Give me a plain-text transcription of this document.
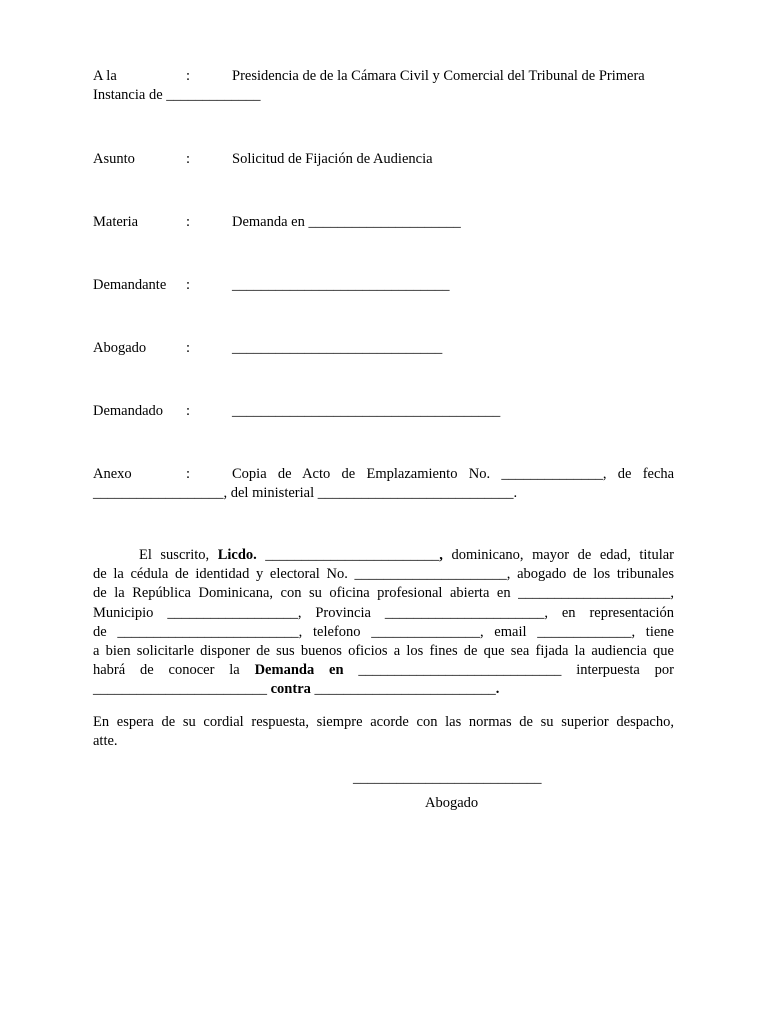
A la	:	Presidencia de de la Cámara Civil y Comercial del Tribunal de Primera
Instancia de _____________
Asunto	:	Solicitud de Fijación de Audiencia
Materia	:	Demanda en _____________________
Demandante :	______________________________
Abogado	:	_____________________________
Demandado :	_____________________________________
Anexo	:	Copia de Acto de Emplazamiento No. ______________, de fecha
__________________, del ministerial ___________________________.
El suscrito, Licdo. ________________________, dominicano, mayor de edad, titular
de la cédula de identidad y electoral No. _____________________, abogado de los tribunales
de la República Dominicana, con su oficina profesional abierta en _____________________,
Municipio __________________, Provincia ______________________, en representación
de _________________________, telefono _______________, email _____________, tiene
a bien solicitarle disponer de sus buenos oficios a los fines de que sea fijada la audiencia que
habrá de conocer la Demanda en ____________________________ interpuesta por
________________________ contra _________________________.
En espera de su cordial respuesta, siempre acorde con las normas de su superior despacho,
atte.
__________________________
Abogado
